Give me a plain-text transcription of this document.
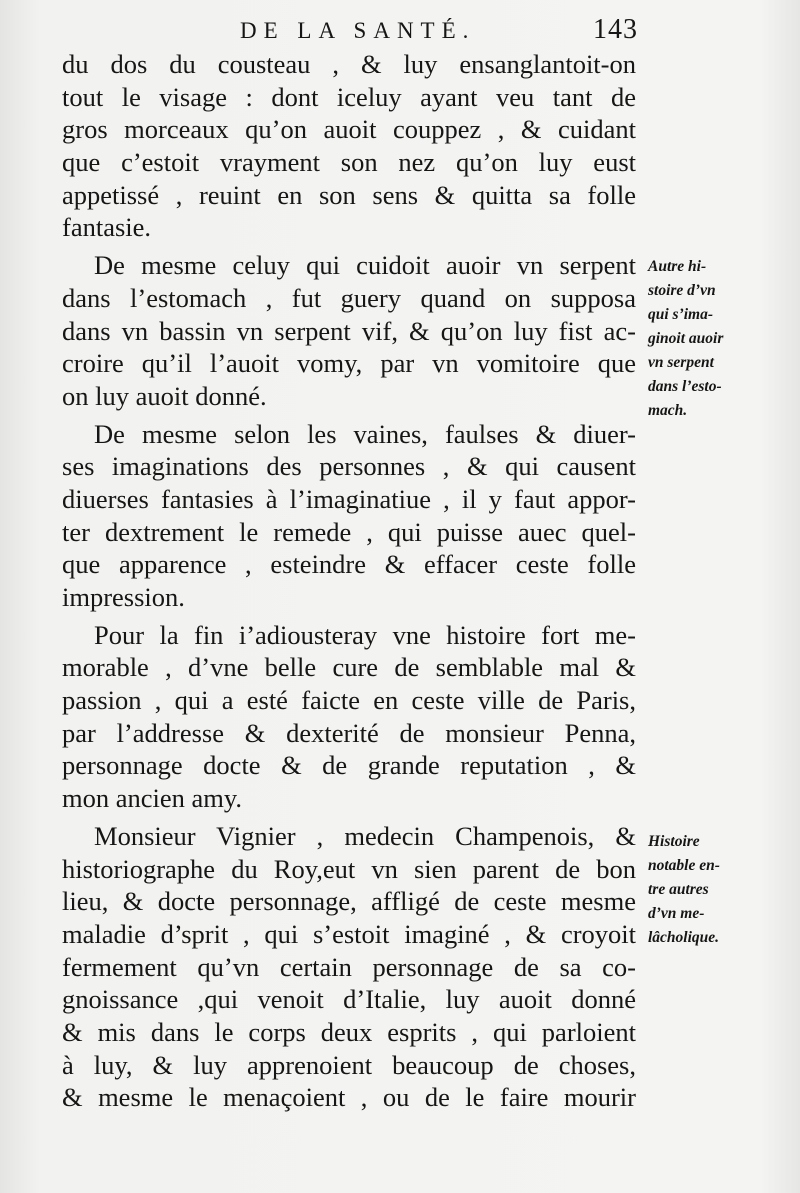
DE LA SANTÉ.	143
du dos du cousteau , & luy ensanglantoit-on
tout le visage : dont iceluy ayant veu tant de
gros morceaux qu’on auoit couppez , & cuidant
que c’estoit vrayment son nez qu’on luy eust
appetissé , reuint en son sens & quitta sa folle
fantasie.
De mesme celuy qui cuidoit auoir vn serpent
dans l’estomach , fut guery quand on supposa
dans vn bassin vn serpent vif, & qu’on luy fist ac-
croire qu’il l’auoit vomy, par vn vomitoire que
on luy auoit donné.
De mesme selon les vaines, faulses & diuer-
ses imaginations des personnes , & qui causent
diuerses fantasies à l’imaginatiue , il y faut appor-
ter dextrement le remede , qui puisse auec quel-
que apparence , esteindre & effacer ceste folle
impression.
Pour la fin i’adiousteray vne histoire fort me-
morable , d’vne belle cure de semblable mal &
passion , qui a esté faicte en ceste ville de Paris,
par l’addresse & dexterité de monsieur Penna,
personnage docte & de grande reputation , &
mon ancien amy.
Monsieur Vignier , medecin Champenois, &
historiographe du Roy,eut vn sien parent de bon
lieu, & docte personnage, affligé de ceste mesme
maladie d’sprit , qui s’estoit imaginé , & croyoit
fermement qu’vn certain personnage de sa co-
gnoissance ,qui venoit d’Italie, luy auoit donné
& mis dans le corps deux esprits , qui parloient
à luy, & luy apprenoient beaucoup de choses,
& mesme le menaçoient , ou de le faire mourir
Autre hi-
stoire d’vn
qui s’ima-
ginoit auoir
vn serpent
dans l’esto-
mach.
Histoire
notable en-
tre autres
d’vn me-
lâcholique.
